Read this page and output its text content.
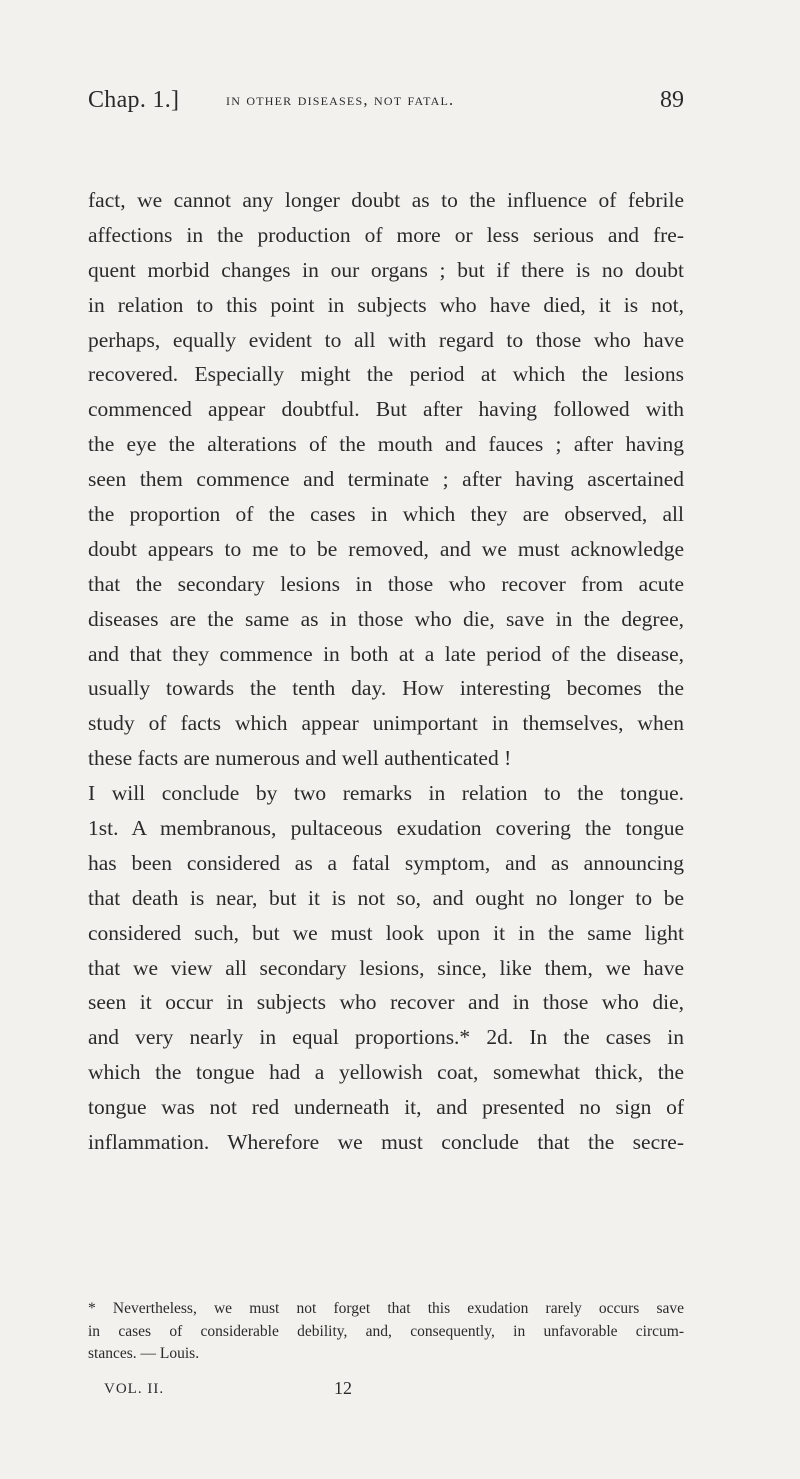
Chap. 1.]	in other diseases, not fatal.	89
fact, we cannot any longer doubt as to the influence of febrile
affections in the production of more or less serious and fre-
quent morbid changes in our organs ; but if there is no doubt
in relation to this point in subjects who have died, it is not,
perhaps, equally evident to all with regard to those who have
recovered. Especially might the period at which the lesions
commenced appear doubtful. But after having followed with
the eye the alterations of the mouth and fauces ; after having
seen them commence and terminate ; after having ascertained
the proportion of the cases in which they are observed, all
doubt appears to me to be removed, and we must acknowledge
that the secondary lesions in those who recover from acute
diseases are the same as in those who die, save in the degree,
and that they commence in both at a late period of the disease,
usually towards the tenth day. How interesting becomes the
study of facts which appear unimportant in themselves, when
these facts are numerous and well authenticated !
I will conclude by two remarks in relation to the tongue.
1st. A membranous, pultaceous exudation covering the tongue
has been considered as a fatal symptom, and as announcing
that death is near, but it is not so, and ought no longer to be
considered such, but we must look upon it in the same light
that we view all secondary lesions, since, like them, we have
seen it occur in subjects who recover and in those who die,
and very nearly in equal proportions.* 2d. In the cases in
which the tongue had a yellowish coat, somewhat thick, the
tongue was not red underneath it, and presented no sign of
inflammation. Wherefore we must conclude that the secre-
* Nevertheless, we must not forget that this exudation rarely occurs save
in cases of considerable debility, and, consequently, in unfavorable circum-
stances. — Louis.
VOL. II.	12
